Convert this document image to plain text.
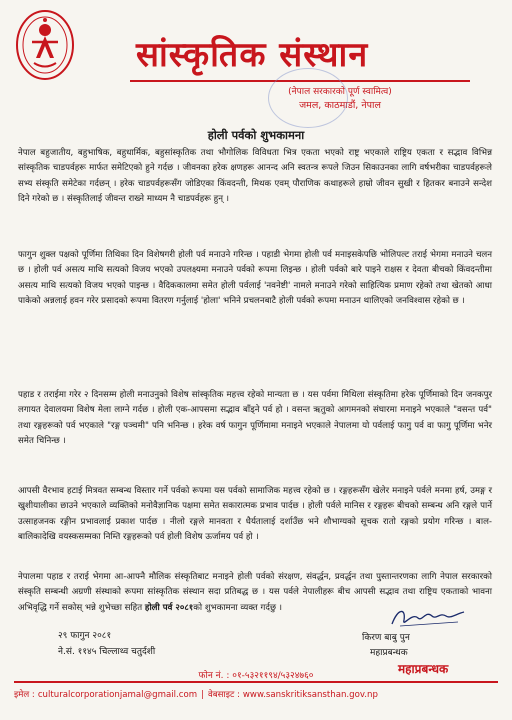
सांस्कृतिक संस्थान
(नेपाल सरकारको पूर्ण स्वामित्व)
जमल, काठमाडौं, नेपाल
होली पर्वको शुभकामना

नेपाल बहुजातीय, बहुभाषिक, बहुधार्मिक, बहुसांस्कृतिक तथा भौगोलिक विविधता भित्र एकता भएको राष्ट्र भएकाले राष्ट्रिय एकता र सद्भाव विभिन्न सांस्कृतिक चाडपर्वहरू मार्फत समेटिएको हुने गर्दछ । जीवनका हरेक क्षणहरू आनन्द अनि स्वतन्त्र रूपले जिउन सिकाउनका लागि वर्षभरीका चाडपर्वहरूले सभ्य संस्कृति समेटेका गर्दछन् । हरेक चाडपर्वहरूसँग जोडिएका किंवदन्ती, मिथक एवम् पौराणिक कथाहरूले हाम्रो जीवन सुखी र हितकर बनाउने सन्देश दिने गरेको छ । संस्कृतिलाई जीवन्त राख्ने माध्यम नै चाडपर्वहरू हुन् ।

फागुन शुक्ल पक्षको पूर्णिमा तिथिका दिन विशेषगरी होली पर्व मनाउने गरिन्छ । पहाडी भेगमा होली पर्व मनाइसकेपछि भोलिपल्ट तराई भेगमा मनाउने चलन छ । होली पर्व असत्य माथि सत्यको विजय भएको उपलक्ष्यमा मनाउने पर्वको रूपमा लिइन्छ । होली पर्वको बारे पाइने राक्षस र देवता बीचको किंवदन्तीमा असत्य माथि सत्यको विजय भएको पाइन्छ । वैदिककालमा समेत होली पर्वलाई 'नवनेष्टी' नामले मनाउने गरेको साहित्यिक प्रमाण रहेको तथा खेतको आधा पाकेको अन्नलाई हवन गरेर प्रसादको रूपमा वितरण गर्नुलाई 'होला' भनिने प्रचलनबाटै होली पर्वको रूपमा मनाउन थालिएको जनविश्वास रहेको छ ।

पहाड र तराईमा गरेर २ दिनसम्म होली मनाउनुको विशेष सांस्कृतिक महत्त्व रहेको मान्यता छ । यस पर्वमा मिथिला संस्कृतिमा हरेक पूर्णिमाको दिन जनकपुर लगायत देवालयमा विशेष मेला लाग्ने गर्दछ । होली एक-आपसमा सद्भाव बाँड्ने पर्व हो । वसन्त ऋतुको आगमनको संघारमा मनाइने भएकाले "वसन्त पर्व" तथा रङ्गहरूको पर्व भएकाले "रङ्ग पञ्चमी" पनि भनिन्छ । हरेक वर्ष फागुन पूर्णिमामा मनाइने भएकाले नेपालमा यो पर्वलाई फागु पर्व वा फागु पूर्णिमा भनेर समेत चिनिन्छ ।

आपसी वैरभाव हटाई मित्रवत सम्बन्ध विस्तार गर्ने पर्वको रूपमा यस पर्वको सामाजिक महत्त्व रहेको छ । रङ्गहरूसँग खेलेर मनाइने पर्वले मनमा हर्ष, उमङ्ग र खुशीयालीका छाउने भएकाले व्यक्तिको मनोवैज्ञानिक पक्षमा समेत सकारात्मक प्रभाव पार्दछ । होली पर्वले मानिस र रङ्गहरू बीचको सम्बन्ध अनि रङ्गले पार्ने उत्साहजनक रङ्गीन प्रभावलाई प्रकाश पार्दछ । नीलो रङ्गले मानवता र धैर्यतालाई दर्शाउँछ भने शौभाग्यको सूचक रातो रङ्गको प्रयोग गरिन्छ । बाल-बालिकादेखि वयस्कसम्मका निम्ति रङ्गहरूको पर्व होली विशेष ऊर्जामय पर्व हो ।

नेपालमा पहाड र तराई भेगमा आ-आफ्नै मौलिक संस्कृतिबाट मनाइने होली पर्वको संरक्षण, संवर्द्धन, प्रवर्द्धन तथा पुस्तान्तरणका लागि नेपाल सरकारको संस्कृति सम्बन्धी अग्रणी संस्थाको रूपमा सांस्कृतिक संस्थान सदा प्रतिबद्ध छ । यस पर्वले नेपालीहरू बीच आपसी सद्भाव तथा राष्ट्रिय एकताको भावना अभिवृद्धि गर्ने सकोस् भन्ने शुभेच्छा सहित होली पर्व २०८१को शुभकामना व्यक्त गर्दछु ।

२९ फागुन २०८१
ने.सं. ११४५ चिल्लाथ्व चतुर्दशी
किरण बाबु पुन
महाप्रबन्धक
महाप्रबन्धक
फोन नं. : ०१-५३२११९४/५३२४७६०
इमेल : culturalcorporationjamal@gmail.com | वेबसाइट : www.sanskritiksansthan.gov.np
